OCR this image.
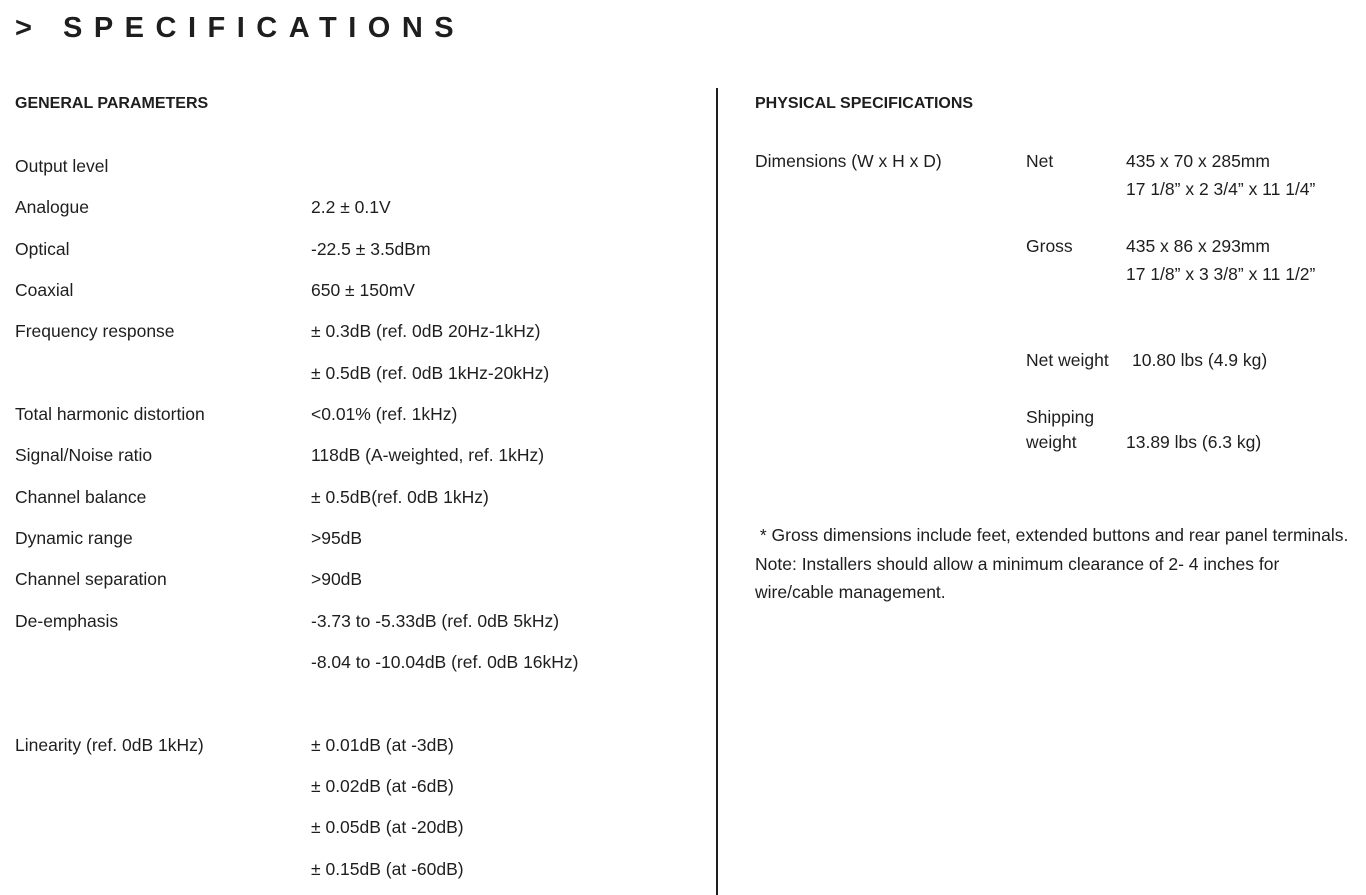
> SPECIFICATIONS
GENERAL PARAMETERS
Output level
Analogue	2.2 ± 0.1V
Optical	-22.5 ± 3.5dBm
Coaxial	650 ± 150mV
Frequency response	± 0.3dB (ref. 0dB 20Hz-1kHz)
± 0.5dB (ref. 0dB 1kHz-20kHz)
Total harmonic distortion	<0.01% (ref. 1kHz)
Signal/Noise ratio	118dB (A-weighted, ref. 1kHz)
Channel balance	± 0.5dB(ref. 0dB 1kHz)
Dynamic range	>95dB
Channel separation	>90dB
De-emphasis	-3.73 to -5.33dB (ref. 0dB 5kHz)
-8.04 to -10.04dB (ref. 0dB 16kHz)
Linearity (ref. 0dB 1kHz)	± 0.01dB (at -3dB)
± 0.02dB (at -6dB)
± 0.05dB (at -20dB)
± 0.15dB (at -60dB)
PHYSICAL SPECIFICATIONS
Dimensions (W x H x D)	Net	435 x 70 x 285mm
17 1/8” x 2 3/4” x 11 1/4”
Gross	435 x 86 x 293mm
17 1/8” x 3 3/8” x 11 1/2”
Net weight 10.80 lbs (4.9 kg)
Shipping
weight	13.89 lbs (6.3 kg)

* Gross dimensions include feet, extended buttons and rear panel terminals.

Note: Installers should allow a minimum clearance of 2- 4 inches for

wire/cable management.
